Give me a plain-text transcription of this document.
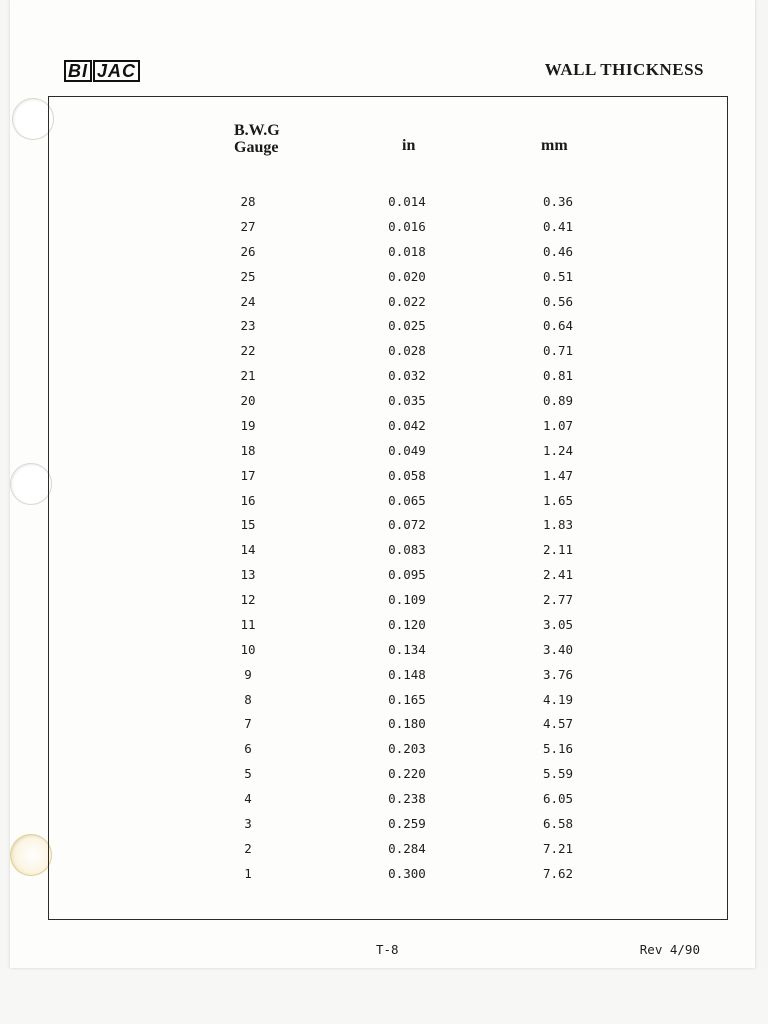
BI JAC	WALL THICKNESS
B.W.G
Gauge	in	mm
28	0.014	0.36
27	0.016	0.41
26	0.018	0.46
25	0.020	0.51
24	0.022	0.56
23	0.025	0.64
22	0.028	0.71
21	0.032	0.81
20	0.035	0.89
19	0.042	1.07
18	0.049	1.24
17	0.058	1.47
16	0.065	1.65
15	0.072	1.83
14	0.083	2.11
13	0.095	2.41
12	0.109	2.77
11	0.120	3.05
10	0.134	3.40
9	0.148	3.76
8	0.165	4.19
7	0.180	4.57
6	0.203	5.16
5	0.220	5.59
4	0.238	6.05
3	0.259	6.58
2	0.284	7.21
1	0.300	7.62
T-8	Rev 4/90
